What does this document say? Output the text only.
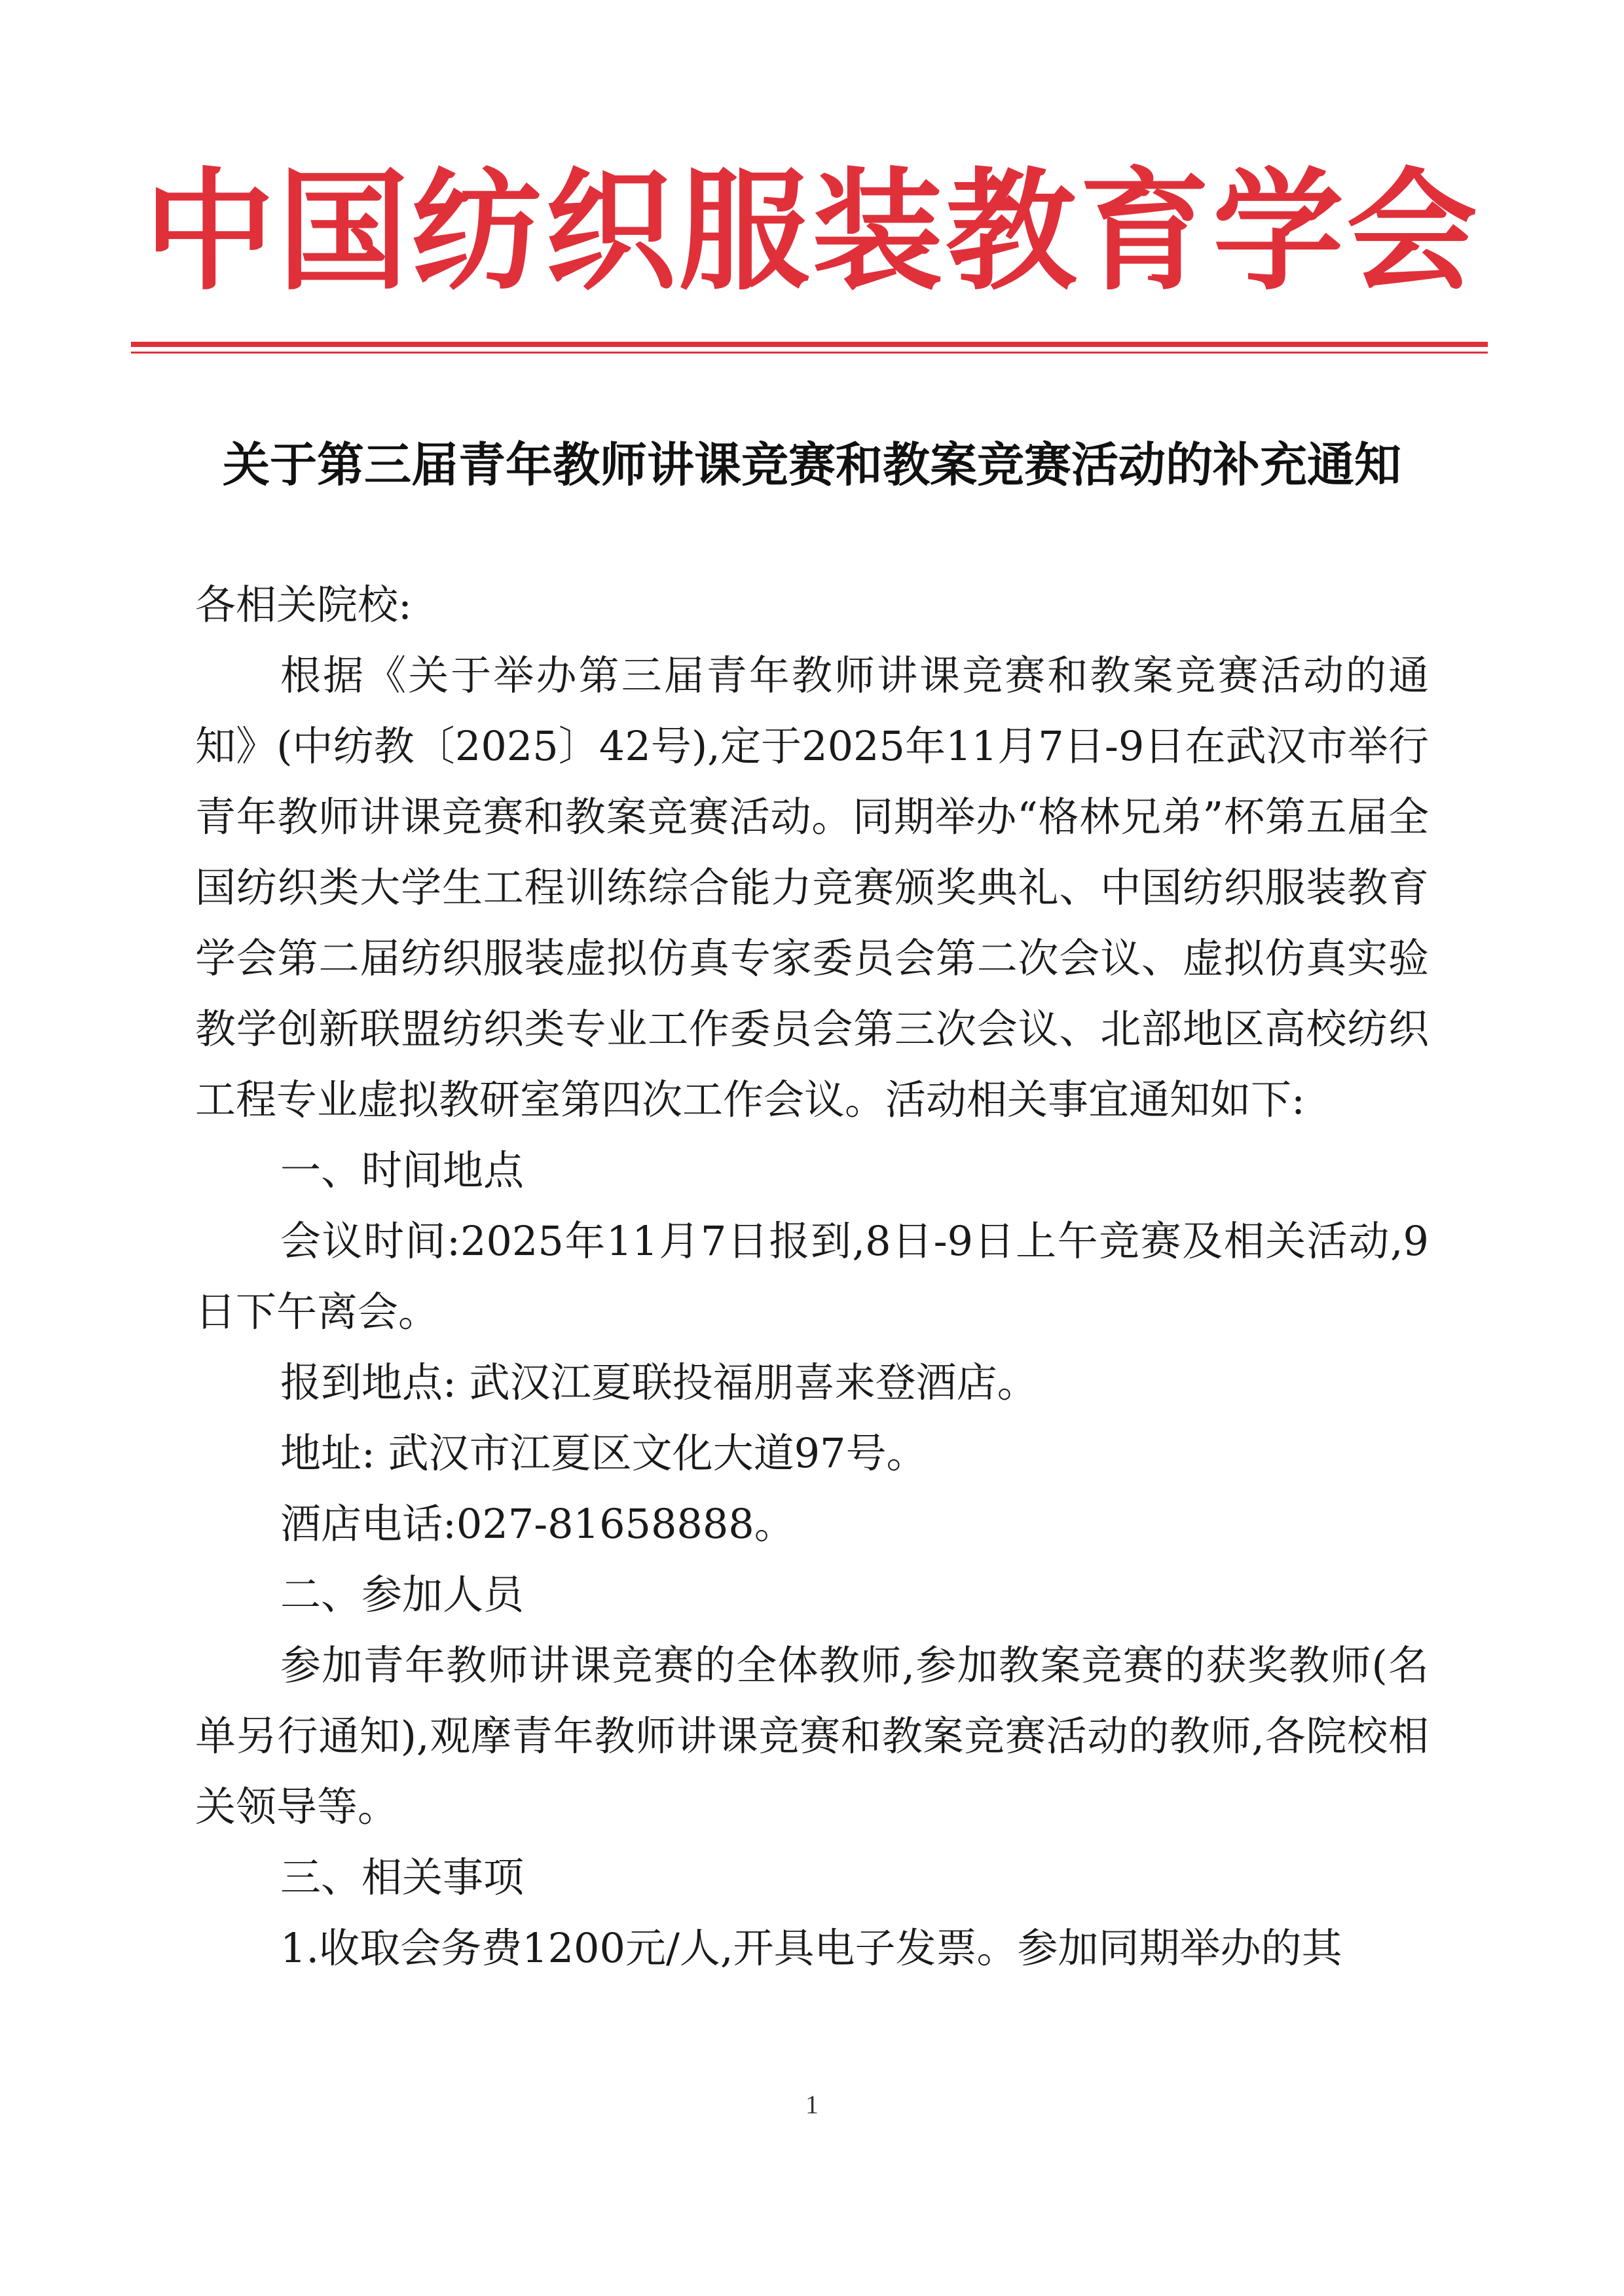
中国纺织服装教育学会
关于第三届青年教师讲课竞赛和教案竞赛活动的补充通知

各相关院校:

根据《关于举办第三届青年教师讲课竞赛和教案竞赛活动的通知》(中纺教〔2025〕42号),定于2025年11月7日-9日在武汉市举行青年教师讲课竞赛和教案竞赛活动。同期举办“格林兄弟”杯第五届全国纺织类大学生工程训练综合能力竞赛颁奖典礼、中国纺织服装教育学会第二届纺织服装虚拟仿真专家委员会第二次会议、虚拟仿真实验教学创新联盟纺织类专业工作委员会第三次会议、北部地区高校纺织工程专业虚拟教研室第四次工作会议。活动相关事宜通知如下:

一、时间地点

会议时间:2025年11月7日报到,8日-9日上午竞赛及相关活动,9日下午离会。

报到地点: 武汉江夏联投福朋喜来登酒店。

地址: 武汉市江夏区文化大道97号。

酒店电话:027-81658888。

二、参加人员

参加青年教师讲课竞赛的全体教师,参加教案竞赛的获奖教师(名单另行通知),观摩青年教师讲课竞赛和教案竞赛活动的教师,各院校相关领导等。

三、相关事项

1.收取会务费1200元/人,开具电子发票。参加同期举办的其

1
